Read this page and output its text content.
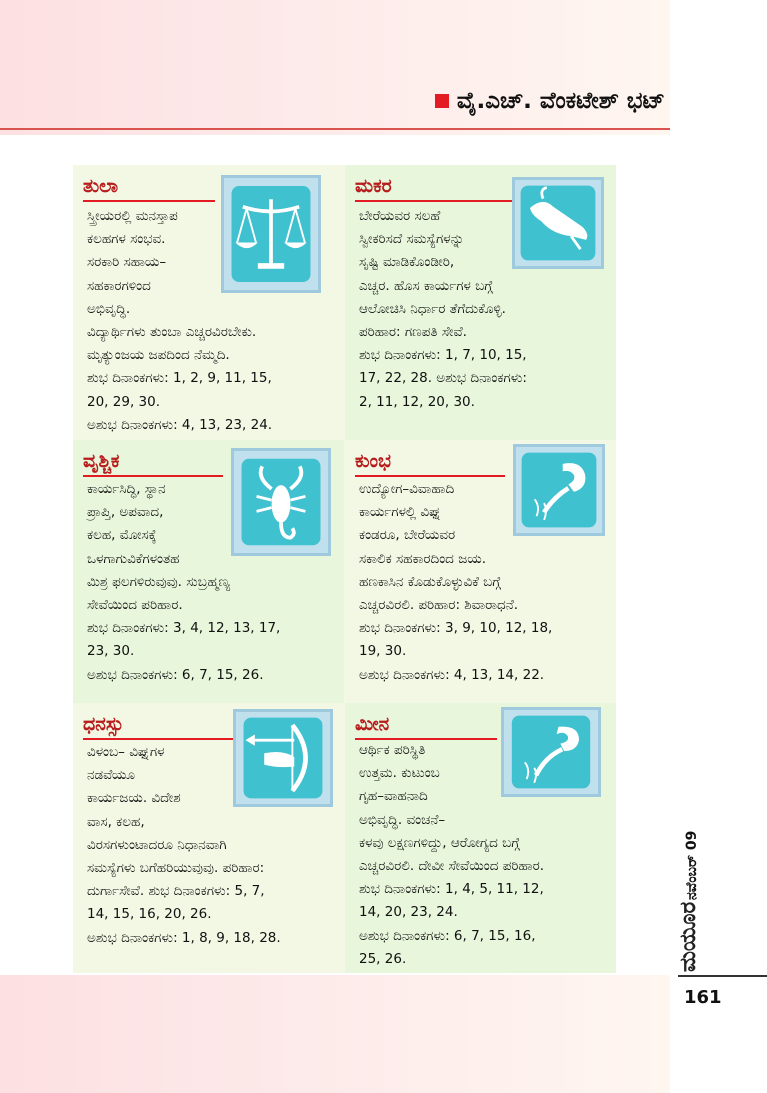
ವೈ.ಎಚ್. ವೆಂಕಟೇಶ್ ಭಟ್
ತುಲಾ
ಸ್ತ್ರೀಯರಲ್ಲಿ ಮನಸ್ತಾಪ
ಕಲಹಗಳ ಸಂಭವ.
ಸರಕಾರಿ ಸಹಾಯ–
ಸಹಕಾರಗಳಿಂದ
ಅಭಿವೃದ್ಧಿ.
ವಿದ್ಯಾರ್ಥಿಗಳು ತುಂಬಾ ಎಚ್ಚರವಿರಬೇಕು.
ಮೃತ್ಯುಂಜಯ ಜಪದಿಂದ ನೆಮ್ಮದಿ.
ಶುಭ ದಿನಾಂಕಗಳು: 1, 2, 9, 11, 15,
20, 29, 30.
ಅಶುಭ ದಿನಾಂಕಗಳು: 4, 13, 23, 24.
ಮಕರ
ಬೇರೆಯವರ ಸಲಹೆ
ಸ್ವೀಕರಿಸದೆ ಸಮಸ್ಯೆಗಳನ್ನು
ಸೃಷ್ಟಿ ಮಾಡಿಕೊಂಡೀರಿ,
ಎಚ್ಚರ. ಹೊಸ ಕಾರ್ಯಗಳ ಬಗ್ಗೆ
ಆಲೋಚಿಸಿ ನಿರ್ಧಾರ ತೆಗೆದುಕೊಳ್ಳಿ.
ಪರಿಹಾರ: ಗಣಪತಿ ಸೇವೆ.
ಶುಭ ದಿನಾಂಕಗಳು: 1, 7, 10, 15,
17, 22, 28. ಅಶುಭ ದಿನಾಂಕಗಳು:
2, 11, 12, 20, 30.
ವೃಶ್ಚಿಕ
ಕಾರ್ಯಸಿದ್ಧಿ, ಸ್ಥಾನ
ಪ್ರಾಪ್ತಿ, ಅಪವಾದ,
ಕಲಹ, ಮೋಸಕ್ಕೆ
ಒಳಗಾಗುವಿಕೆಗಳಂತಹ
ಮಿಶ್ರ ಫಲಗಳಿರುವುವು. ಸುಬ್ರಹ್ಮಣ್ಯ
ಸೇವೆಯಿಂದ ಪರಿಹಾರ.
ಶುಭ ದಿನಾಂಕಗಳು: 3, 4, 12, 13, 17,
23, 30.
ಅಶುಭ ದಿನಾಂಕಗಳು: 6, 7, 15, 26.
ಕುಂಭ
ಉದ್ಯೋಗ–ವಿವಾಹಾದಿ
ಕಾರ್ಯಗಳಲ್ಲಿ ವಿಘ್ನ
ಕಂಡರೂ, ಬೇರೆಯವರ
ಸಕಾಲಿಕ ಸಹಕಾರದಿಂದ ಜಯ.
ಹಣಕಾಸಿನ ಕೊಡುಕೊಳ್ಳುವಿಕೆ ಬಗ್ಗೆ
ಎಚ್ಚರವಿರಲಿ. ಪರಿಹಾರ: ಶಿವಾರಾಧನೆ.
ಶುಭ ದಿನಾಂಕಗಳು: 3, 9, 10, 12, 18,
19, 30.
ಅಶುಭ ದಿನಾಂಕಗಳು: 4, 13, 14, 22.
ಧನಸ್ಸು
ವಿಳಂಬ– ವಿಘ್ನಗಳ
ನಡವೆಯೂ
ಕಾರ್ಯಜಯ. ವಿದೇಶ
ವಾಸ, ಕಲಹ,
ವಿರಸಗಳುಂಟಾದರೂ ನಿಧಾನವಾಗಿ
ಸಮಸ್ಯೆಗಳು ಬಗೆಹರಿಯುವುವು. ಪರಿಹಾರ:
ದುರ್ಗಾಸೇವೆ. ಶುಭ ದಿನಾಂಕಗಳು: 5, 7,
14, 15, 16, 20, 26.
ಅಶುಭ ದಿನಾಂಕಗಳು: 1, 8, 9, 18, 28.
ಮೀನ
ಆರ್ಥಿಕ ಪರಿಸ್ಥಿತಿ
ಉತ್ತಮ. ಕುಟುಂಬ
ಗೃಹ–ವಾಹನಾದಿ
ಅಭಿವೃದ್ಧಿ. ವಂಚನೆ–
ಕಳವು ಲಕ್ಷಣಗಳಿದ್ದು, ಆರೋಗ್ಯದ ಬಗ್ಗೆ
ಎಚ್ಚರವಿರಲಿ. ದೇವೀ ಸೇವೆಯಿಂದ ಪರಿಹಾರ.
ಶುಭ ದಿನಾಂಕಗಳು: 1, 4, 5, 11, 12,
14, 20, 23, 24.
ಅಶುಭ ದಿನಾಂಕಗಳು: 6, 7, 15, 16,
25, 26.
ನವೆಂಬರ್ 09
ಮಯೂರ
161
